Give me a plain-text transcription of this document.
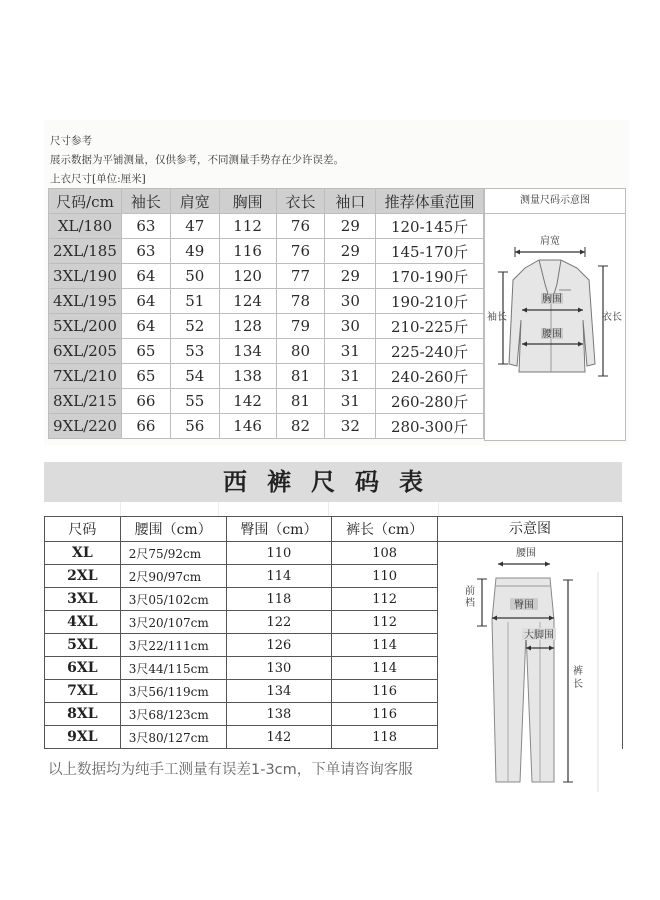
尺寸参考
展示数据为平铺测量，仅供参考，不同测量手势存在少许误差。
上衣尺寸[单位:厘米]
尺码/cm	袖长	肩宽	胸围	衣长	袖口	推荐体重范围
XL/180	63	47	112	76	29	120-145斤
2XL/185	63	49	116	76	29	145-170斤
3XL/190	64	50	120	77	29	170-190斤
4XL/195	64	51	124	78	30	190-210斤
5XL/200	64	52	128	79	30	210-225斤
6XL/205	65	53	134	80	31	225-240斤
7XL/210	65	54	138	81	31	240-260斤
8XL/215	66	55	142	81	31	260-280斤
9XL/220	66	56	146	82	32	280-300斤
测量尺码示意图
肩宽
胸围
腰围
袖长	衣长
西裤尺码表
尺码	腰围（cm）	臀围（cm）	裤长（cm）
XL	2尺75/92cm	110	108
2XL	2尺90/97cm	114	110
3XL	3尺05/102cm	118	112
4XL	3尺20/107cm	122	112
5XL	3尺22/111cm	126	114
6XL	3尺44/115cm	130	114
7XL	3尺56/119cm	134	116
8XL	3尺68/123cm	138	116
9XL	3尺80/127cm	142	118
示意图
腰围
前
档	臀围
大脚围
裤
长
以上数据均为纯手工测量有误差1-3cm，下单请咨询客服
